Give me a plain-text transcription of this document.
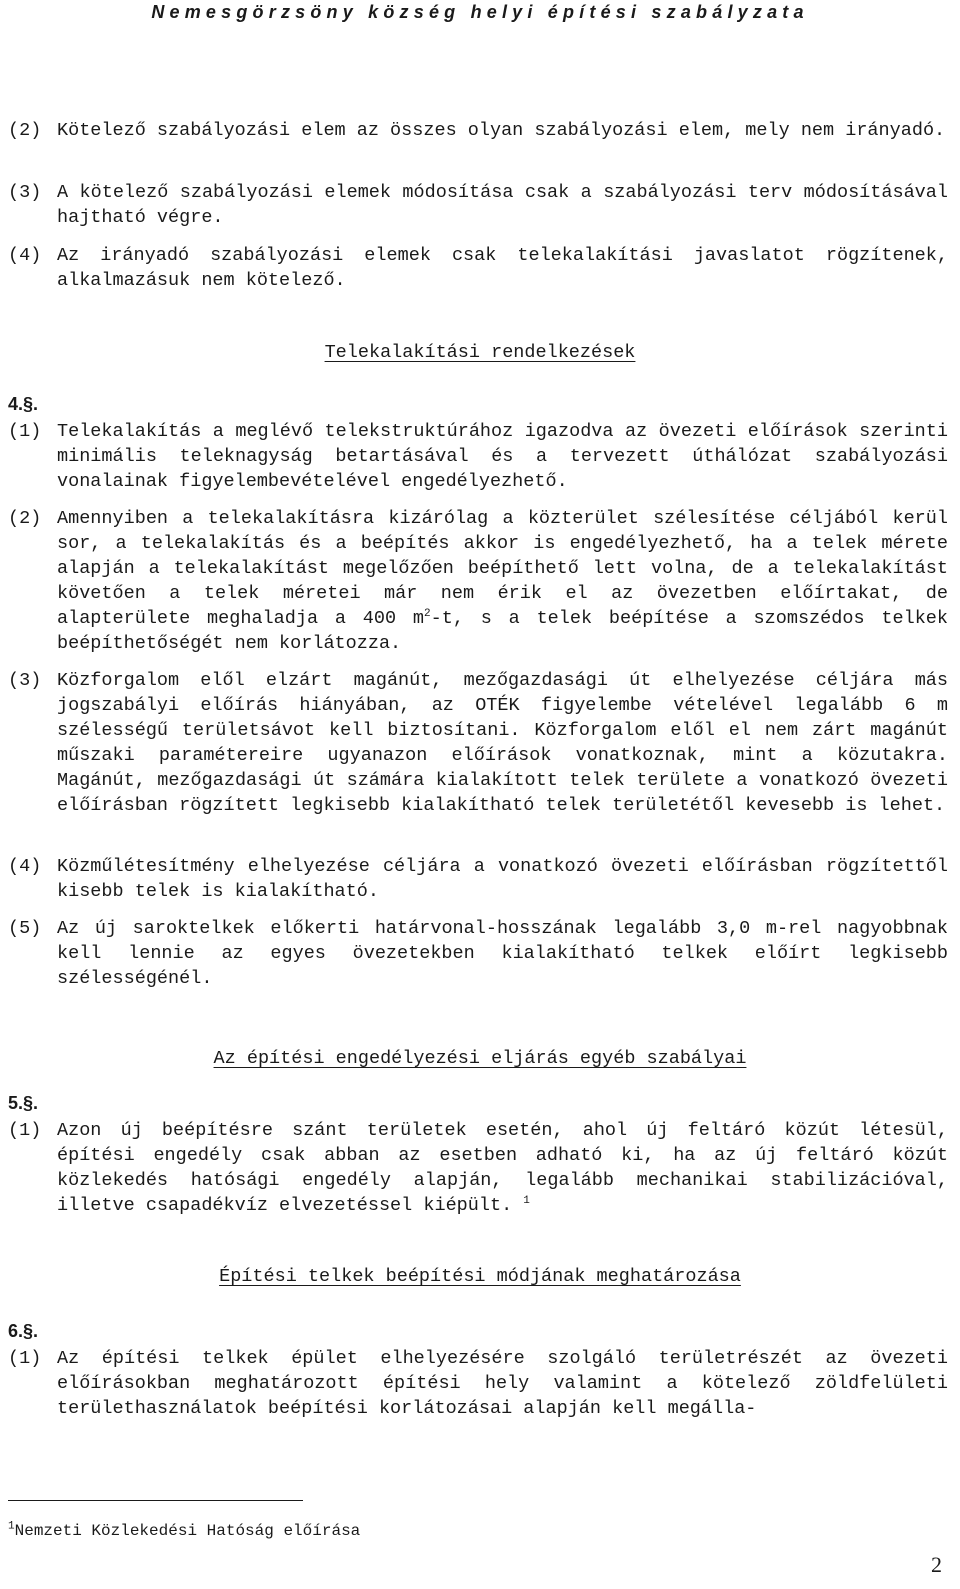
Nemesgörzsöny község helyi építési szabályzata
(2) Kötelező szabályozási elem az összes olyan szabályozási elem, mely nem irányadó.
(3) A kötelező szabályozási elemek módosítása csak a szabályozási terv módosításával hajtható végre.
(4) Az irányadó szabályozási elemek csak telekalakítási javaslatot rögzítenek, alkalmazásuk nem kötelező.
Telekalakítási rendelkezések
4.§.
(1) Telekalakítás a meglévő telekstruktúrához igazodva az övezeti előírások szerinti minimális teleknagyság betartásával és a tervezett úthálózat szabályozási vonalainak figyelembevételével engedélyezhető.
(2) Amennyiben a telekalakításra kizárólag a közterület szélesítése céljából kerül sor, a telekalakítás és a beépítés akkor is engedélyezhető, ha a telek mérete alapján a telekalakítást megelőzően beépíthető lett volna, de a telekalakítást követően a telek méretei már nem érik el az övezetben előírtakat, de alapterülete meghaladja a 400 $m^2-t$, s a telek beépítése a szomszédos telkek beépíthetőségét nem korlátozza.
(3) Közforgalom elől elzárt magánút, mezőgazdasági út elhelyezése céljára más jogszabályi előírás hiányában, az OTÉK figyelembe vételével legalább 6 m szélességű területsávot kell biztosítani. Közforgalom elől el nem zárt magánút műszaki paramétereire ugyanazon előírások vonatkoznak, mint a közutakra. Magánút, mezőgazdasági út számára kialakított telek területe a vonatkozó övezeti előírásban rögzített legkisebb kialakítható telek területétől kevesebb is lehet.
(4) Közműlétesítmény elhelyezése céljára a vonatkozó övezeti előírásban rögzítettől kisebb telek is kialakítható.
(5) Az új saroktelkek előkerti határvonal-hosszának legalább 3,0 m-rel nagyobbnak kell lennie az egyes övezetekben kialakítható telkek előírt legkisebb szélességénél.
Az építési engedélyezési eljárás egyéb szabályai
5.§.
(1) Azon új beépítésre szánt területek esetén, ahol új feltáró közút létesül, építési engedély csak abban az esetben adható ki, ha az új feltáró közút közlekedés hatósági engedély alapján, legalább mechanikai stabilizációval, illetve csapadékvíz elvezetéssel kiépült. $^1$
Építési telkek beépítési módjának meghatározása
6.§.
(1) Az építési telkek épület elhelyezésére szolgáló területrészét az övezeti előírásokban meghatározott építési hely valamint a kötelező zöldfelületi területhasználatok beépítési korlátozásai alapján kell megálla-
$^1$Nemzeti Közlekedési Hatóság előírása
2
